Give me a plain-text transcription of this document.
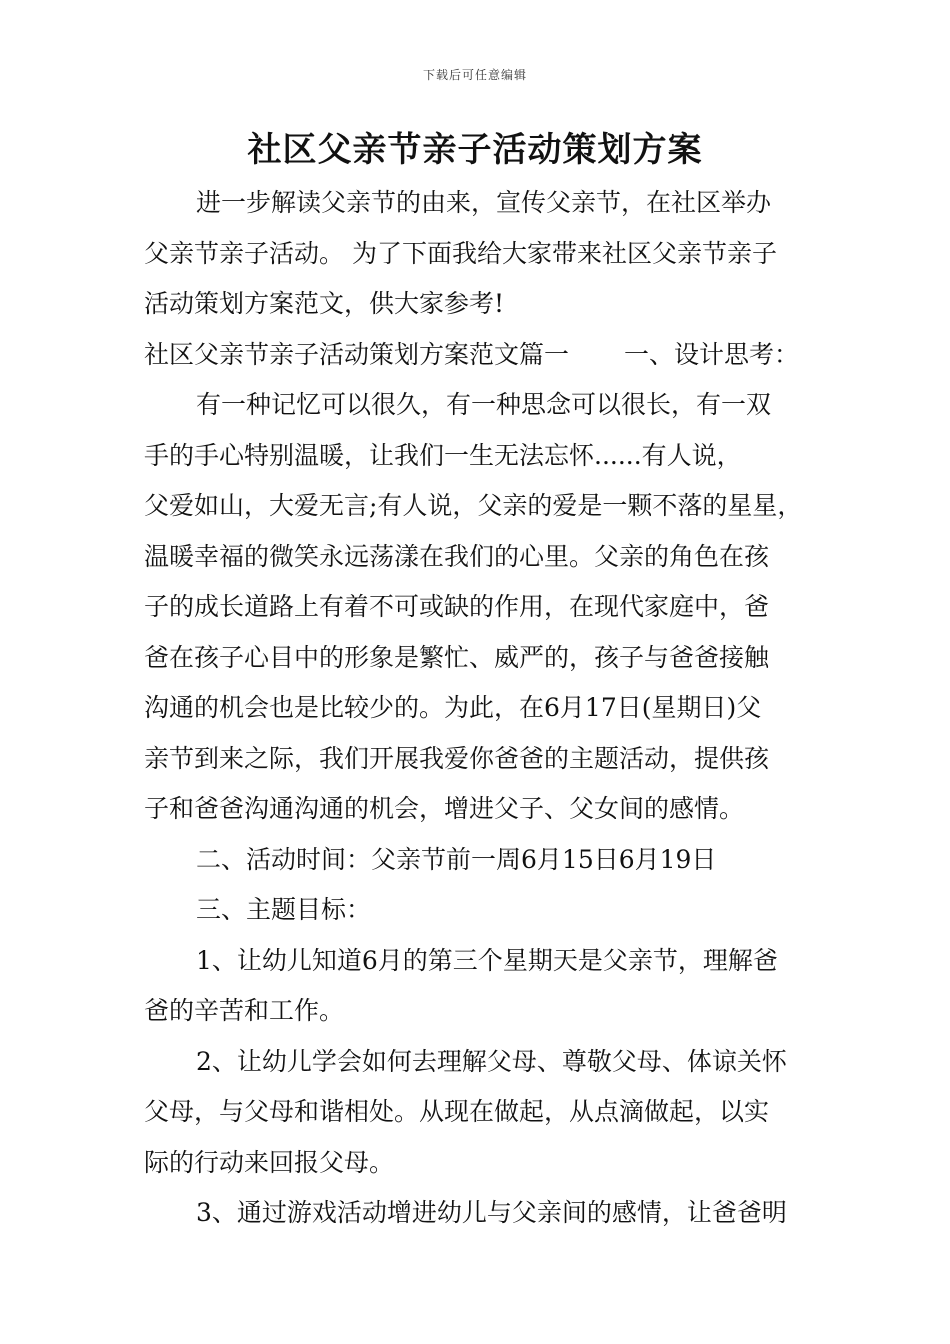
下载后可任意编辑
社区父亲节亲子活动策划方案
进一步解读父亲节的由来，宣传父亲节，在社区举办
父亲节亲子活动。 为了下面我给大家带来社区父亲节亲子
活动策划方案范文，供大家参考!
社区父亲节亲子活动策划方案范文篇一 一、设计思考：
有一种记忆可以很久，有一种思念可以很长，有一双
手的手心特别温暖，让我们一生无法忘怀......有人说，
父爱如山，大爱无言;有人说，父亲的爱是一颗不落的星星，
温暖幸福的微笑永远荡漾在我们的心里。父亲的角色在孩
子的成长道路上有着不可或缺的作用，在现代家庭中，爸
爸在孩子心目中的形象是繁忙、威严的，孩子与爸爸接触
沟通的机会也是比较少的。为此，在6月17日(星期日)父
亲节到来之际，我们开展我爱你爸爸的主题活动，提供孩
子和爸爸沟通沟通的机会，增进父子、父女间的感情。
二、活动时间：父亲节前一周6月15日6月19日
三、主题目标：
1、让幼儿知道6月的第三个星期天是父亲节，理解爸
爸的辛苦和工作。
2、让幼儿学会如何去理解父母、尊敬父母、体谅关怀
父母，与父母和谐相处。从现在做起，从点滴做起，以实
际的行动来回报父母。
3、通过游戏活动增进幼儿与父亲间的感情，让爸爸明
